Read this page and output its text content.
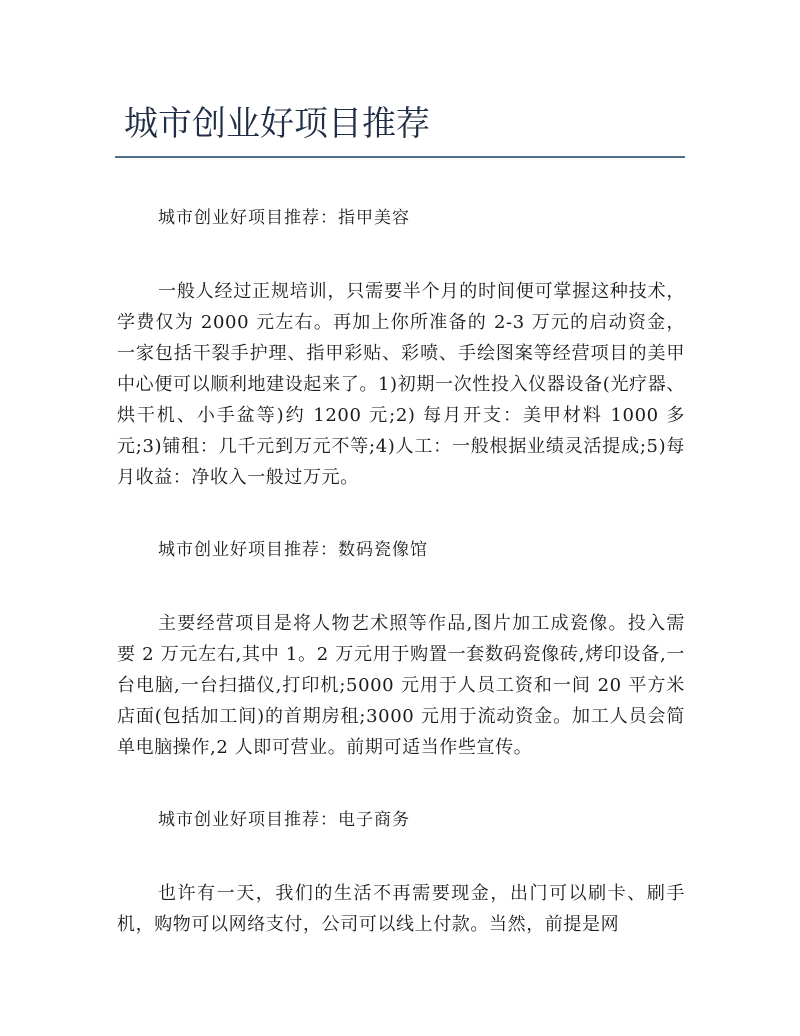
城市创业好项目推荐
城市创业好项目推荐：指甲美容

一般人经过正规培训，只需要半个月的时间便可掌握这种技术，学费仅为 2000 元左右。再加上你所准备的 2-3 万元的启动资金，一家包括干裂手护理、指甲彩贴、彩喷、手绘图案等经营项目的美甲中心便可以顺利地建设起来了。1)初期一次性投入仪器设备(光疗器、烘干机、小手盆等)约 1200 元;2) 每月开支：美甲材料 1000 多元;3)铺租：几千元到万元不等;4)人工：一般根据业绩灵活提成;5)每月收益：净收入一般过万元。

城市创业好项目推荐：数码瓷像馆

主要经营项目是将人物艺术照等作品,图片加工成瓷像。投入需要 2 万元左右,其中 1。2 万元用于购置一套数码瓷像砖,烤印设备,一台电脑,一台扫描仪,打印机;5000 元用于人员工资和一间 20 平方米店面(包括加工间)的首期房租;3000 元用于流动资金。加工人员会简单电脑操作,2 人即可营业。前期可适当作些宣传。

城市创业好项目推荐：电子商务

也许有一天，我们的生活不再需要现金，出门可以刷卡、刷手机，购物可以网络支付，公司可以线上付款。当然，前提是网
